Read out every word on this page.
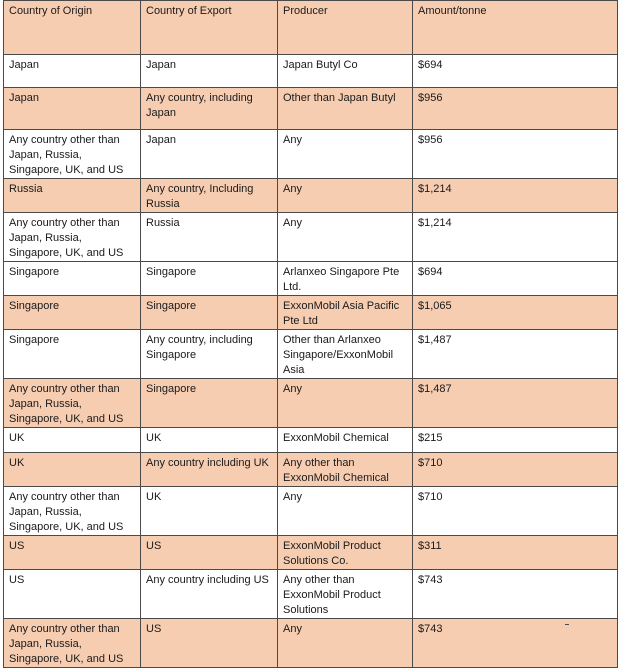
Country of Origin	Country of Export	Producer	Amount/tonne
Japan	Japan	Japan Butyl Co	$694
Japan	Any country, including Japan	Other than Japan Butyl	$956
Any country other than Japan, Russia, Singapore, UK, and US	Japan	Any	$956
Russia	Any country, Including Russia	Any	$1,214
Any country other than Japan, Russia, Singapore, UK, and US	Russia	Any	$1,214
Singapore	Singapore	Arlanxeo Singapore Pte Ltd.	$694
Singapore	Singapore	ExxonMobil Asia Pacific Pte Ltd	$1,065
Singapore	Any country, including Singapore	Other than Arlanxeo Singapore/ExxonMobil Asia	$1,487
Any country other than Japan, Russia, Singapore, UK, and US	Singapore	Any	$1,487
UK	UK	ExxonMobil Chemical	$215
UK	Any country including UK	Any other than ExxonMobil Chemical	$710
Any country other than Japan, Russia, Singapore, UK, and US	UK	Any	$710
US	US	ExxonMobil Product Solutions Co.	$311
US	Any country including US	Any other than ExxonMobil Product Solutions	$743
Any country other than Japan, Russia, Singapore, UK, and US	US	Any	$743
